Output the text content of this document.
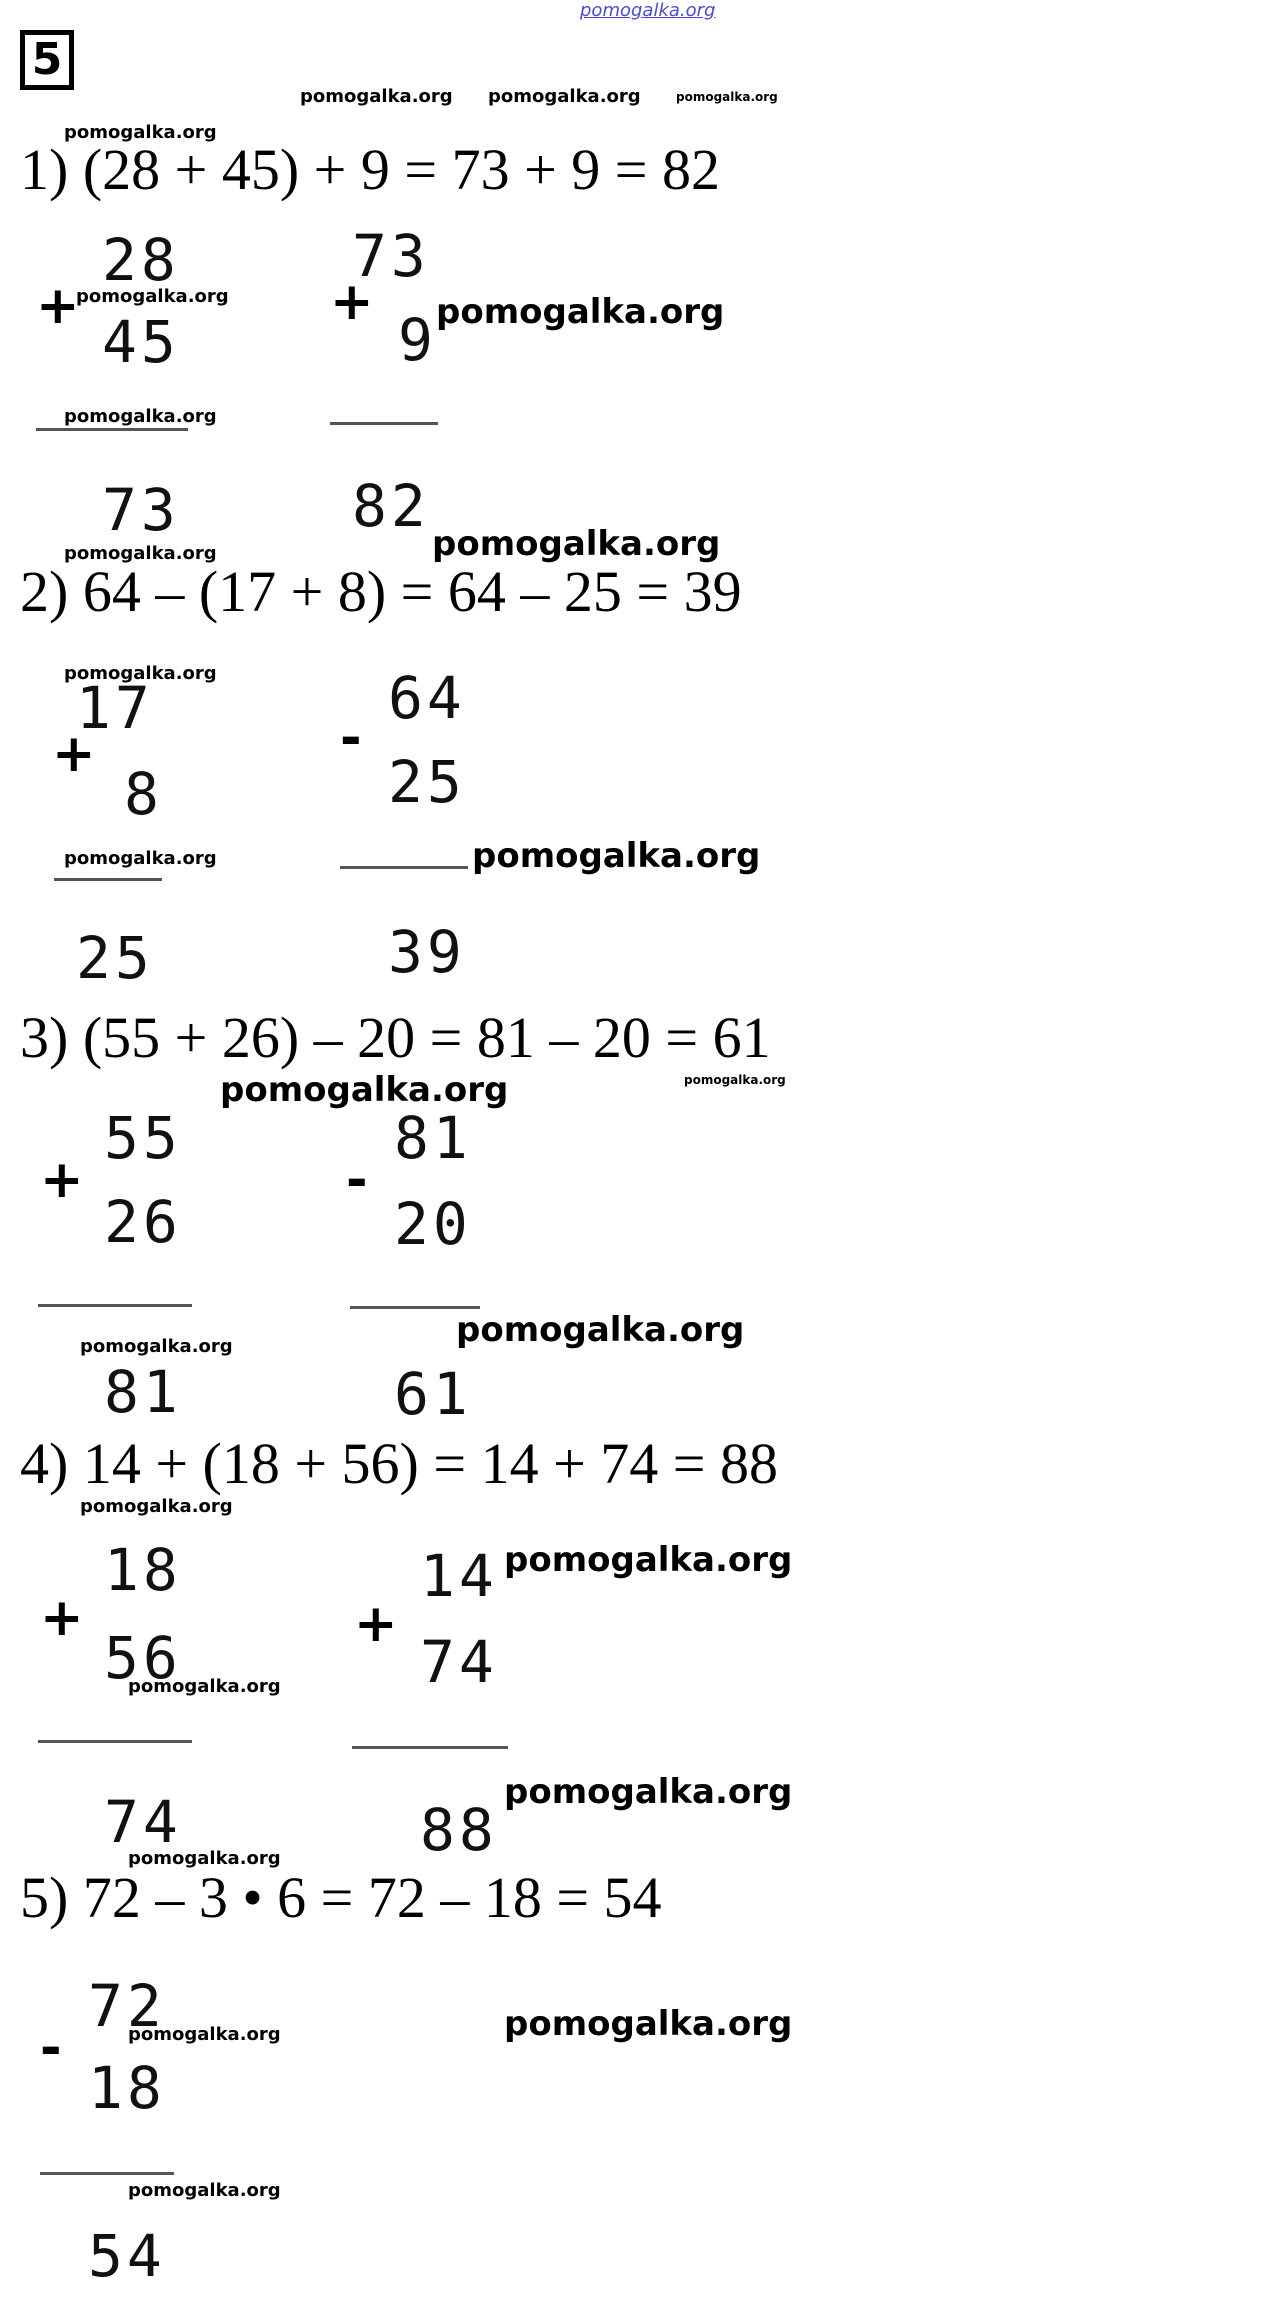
pomogalka.org
5
1) (28 + 45) + 9 = 73 + 9 = 82
+
28
45
73
+
73
9
82
2) 64 – (17 + 8) = 64 – 25 = 39
+
17
8
25
-
64
25
39
3) (55 + 26) – 20 = 81 – 20 = 61
+
55
26
81
-
81
20
61
4) 14 + (18 + 56) = 14 + 74 = 88
+
18
56
74
+
14
74
88
5) 72 – 3 • 6 = 72 – 18 = 54
-
72
18
54
pomogalka.org pomogalka.org	pomogalka.org
pomogalka.org
pomogalka.org	pomogalka.org
pomogalka.org
pomogalka.org	pomogalka.org
pomogalka.org
pomogalka.org	pomogalka.org
pomogalka.org	pomogalka.org
pomogalka.org	pomogalka.org
pomogalka.org
pomogalka.org
pomogalka.org
pomogalka.org
pomogalka.org
pomogalka.org	pomogalka.org
pomogalka.org
